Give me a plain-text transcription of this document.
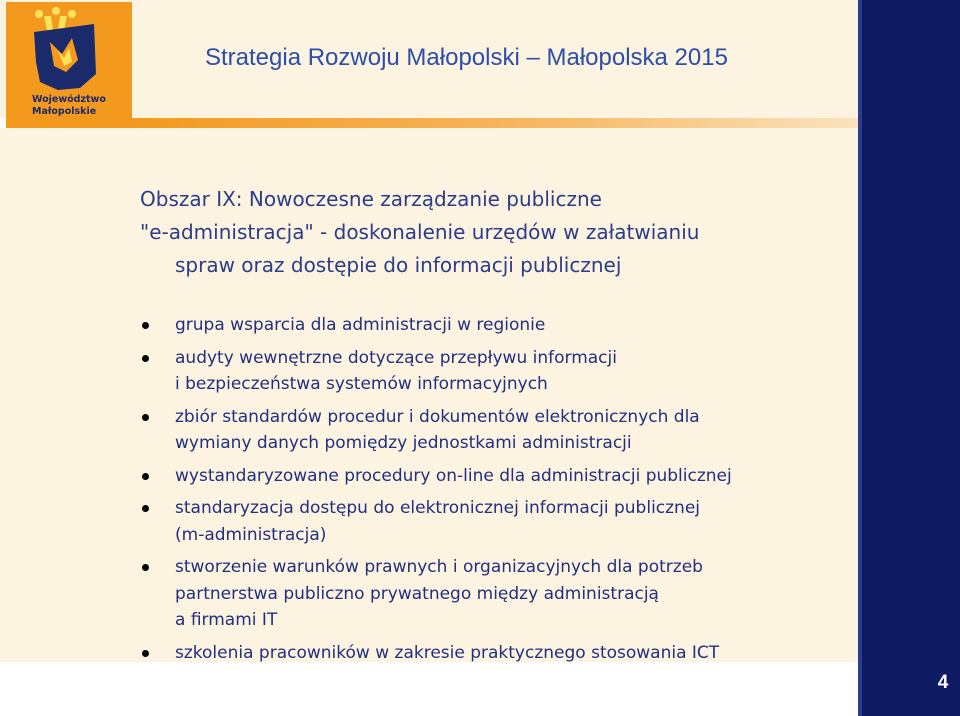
Województwo
Małopolskie
Strategia Rozwoju Małopolski – Małopolska 2015
4
Obszar IX: Nowoczesne zarządzanie publiczne
"e-administracja" - doskonalenie urzędów w załatwianiu
spraw oraz dostępie do informacji publicznej
grupa wsparcia dla administracji w regionie
audyty wewnętrzne dotyczące przepływu informacji
i bezpieczeństwa systemów informacyjnych
zbiór standardów procedur i dokumentów elektronicznych dla
wymiany danych pomiędzy jednostkami administracji
wystandaryzowane procedury on-line dla administracji publicznej
standaryzacja dostępu do elektronicznej informacji publicznej
(m-administracja)
stworzenie warunków prawnych i organizacyjnych dla potrzeb
partnerstwa publiczno prywatnego między administracją
a firmami IT
szkolenia pracowników w zakresie praktycznego stosowania ICT
